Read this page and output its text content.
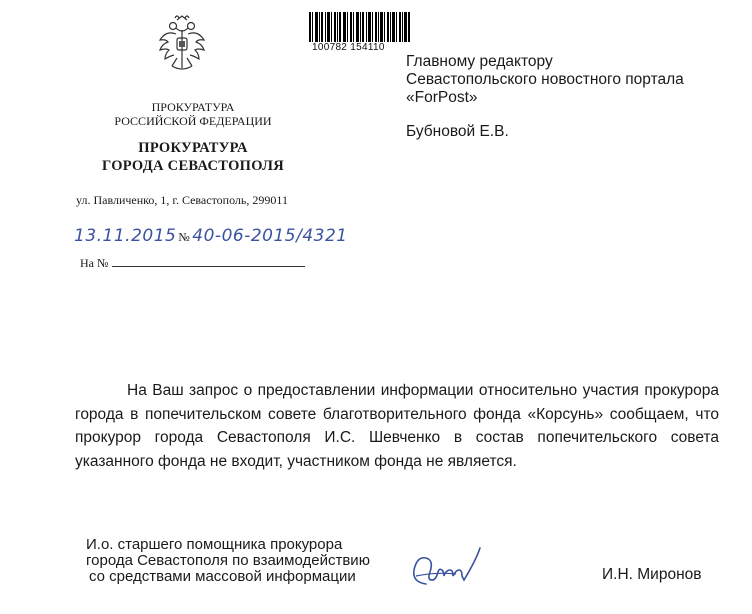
100782 154110
ПРОКУРАТУРА
РОССИЙСКОЙ ФЕДЕРАЦИИ
ПРОКУРАТУРА
ГОРОДА СЕВАСТОПОЛЯ
ул. Павличенко, 1, г. Севастополь, 299011
13.11.2015 № 40-06-2015/4321
На №
Главному редактору
Севастопольского новостного портала
«ForPost»
Бубновой Е.В.
На Ваш запрос о предоставлении информации относительно участия прокурора города в попечительском совете благотворительного фонда «Корсунь» сообщаем, что прокурор города Севастополя И.С. Шевченко в состав попечительского совета указанного фонда не входит, участником фонда не является.
И.о. старшего помощника прокурора
города Севастополя по взаимодействию
со средствами массовой информации	И.Н. Миронов
